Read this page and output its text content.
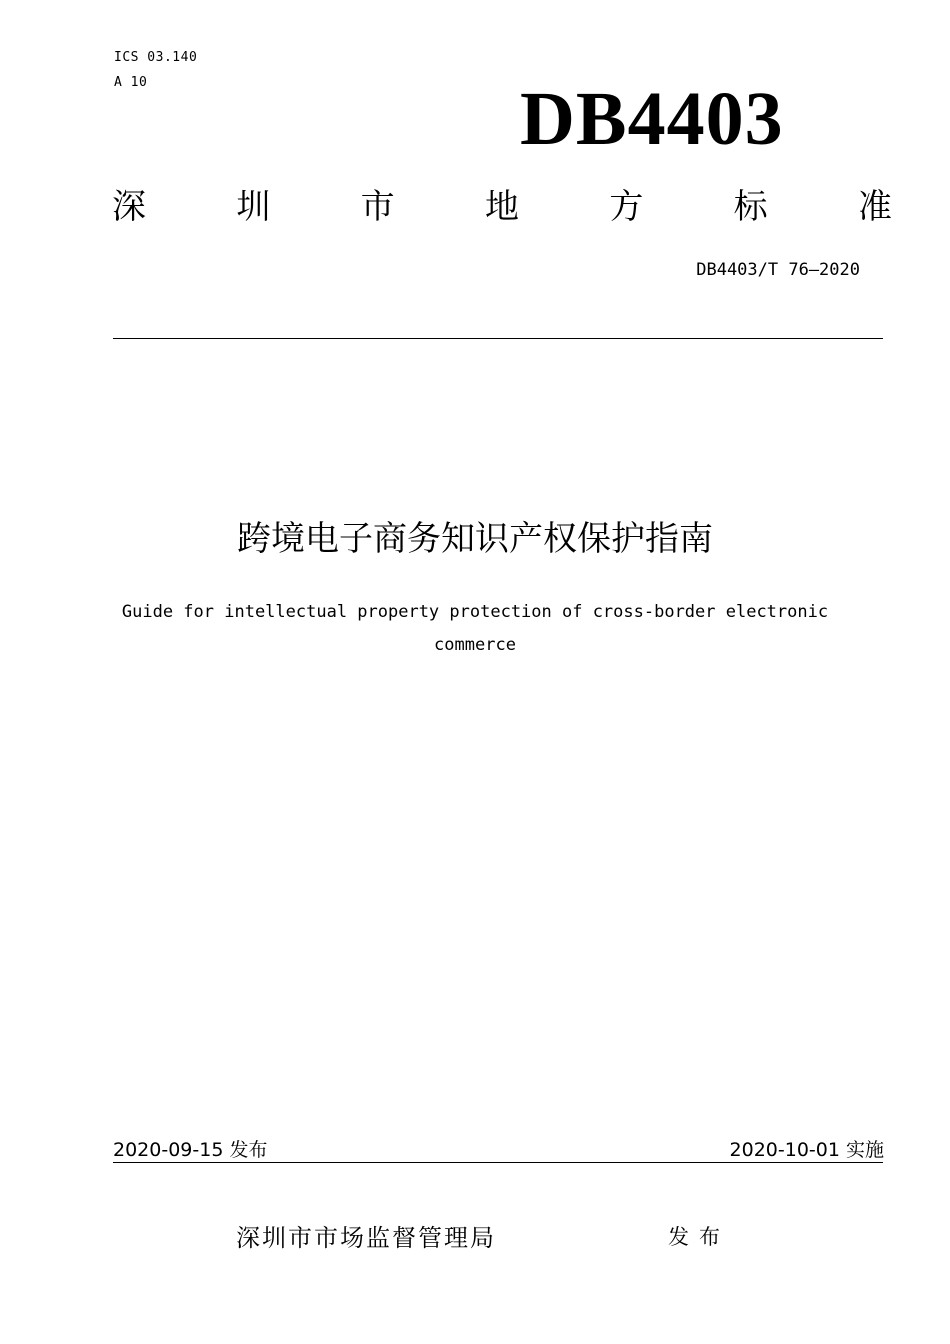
ICS 03.140
A 10	DB4403
深	圳	市	地	方	标	准
DB4403/T 76—2020
跨境电子商务知识产权保护指南
Guide for intellectual property protection of cross-border electronic commerce
2020-09-15 发布	2020-10-01 实施
深圳市市场监督管理局	发布
